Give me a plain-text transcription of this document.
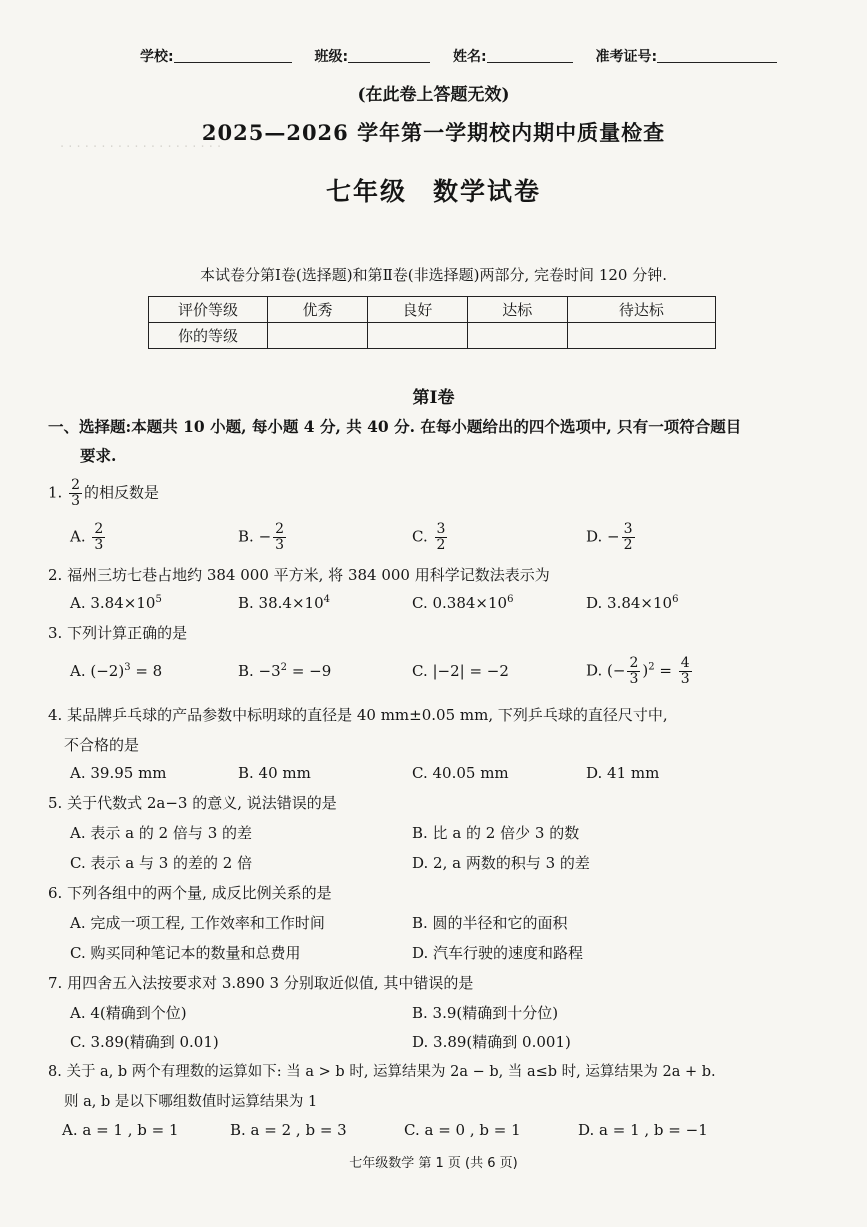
· · · · · · · · · · · · · · · · · · · ·
学校:	班级:	姓名:	准考证号:
(在此卷上答题无效)
2025—2026 学年第一学期校内期中质量检查
七年级 数学试卷
本试卷分第Ⅰ卷(选择题)和第Ⅱ卷(非选择题)两部分, 完卷时间 120 分钟.
评价等级	优秀	良好	达标	待达标
你的等级				
第Ⅰ卷
一、选择题:本题共 10 小题, 每小题 4 分, 共 40 分. 在每小题给出的四个选项中, 只有一项符合题目
要求.
1. $\frac{2}{3}$ 的相反数是
A. $\frac{2}{3}$	B. − $\frac{2}{3}$	C. $\frac{3}{2}$	D. − $\frac{3}{2}$
2. 福州三坊七巷占地约 384 000 平方米, 将 384 000 用科学记数法表示为
A. $3.84\times 10^5$	B. $38.4\times 10^4$	C. $0.384\times 10^6$	D. $3.84\times 10^6$
3. 下列计算正确的是
A. $(-2)^3 = 8$	B. $-3^2 = -9$	C. |−2| = −2	D. (− $\frac{2}{3} )^2 = \frac{4}{3}$
4. 某品牌乒乓球的产品参数中标明球的直径是 40 mm±0.05 mm, 下列乒乓球的直径尺寸中,
不合格的是
A. 39.95 mm	B. 40 mm	C. 40.05 mm	D. 41 mm
5. 关于代数式 2a−3 的意义, 说法错误的是
A. 表示 a 的 2 倍与 3 的差	B. 比 a 的 2 倍少 3 的数
C. 表示 a 与 3 的差的 2 倍	D. 2, a 两数的积与 3 的差
6. 下列各组中的两个量, 成反比例关系的是
A. 完成一项工程, 工作效率和工作时间	B. 圆的半径和它的面积
C. 购买同种笔记本的数量和总费用	D. 汽车行驶的速度和路程
7. 用四舍五入法按要求对 3.890 3 分别取近似值, 其中错误的是
A. 4(精确到个位)	B. 3.9(精确到十分位)
C. 3.89(精确到 0.01)	D. 3.89(精确到 0.001)
8. 关于 a, b 两个有理数的运算如下: 当 a > b 时, 运算结果为 2a − b, 当 a≤b 时, 运算结果为 2a + b.
则 a, b 是以下哪组数值时运算结果为 1
A. a = 1 , b = 1	B. a = 2 , b = 3	C. a = 0 , b = 1	D. a = 1 , b = −1
七年级数学 第 1 页 (共 6 页)
